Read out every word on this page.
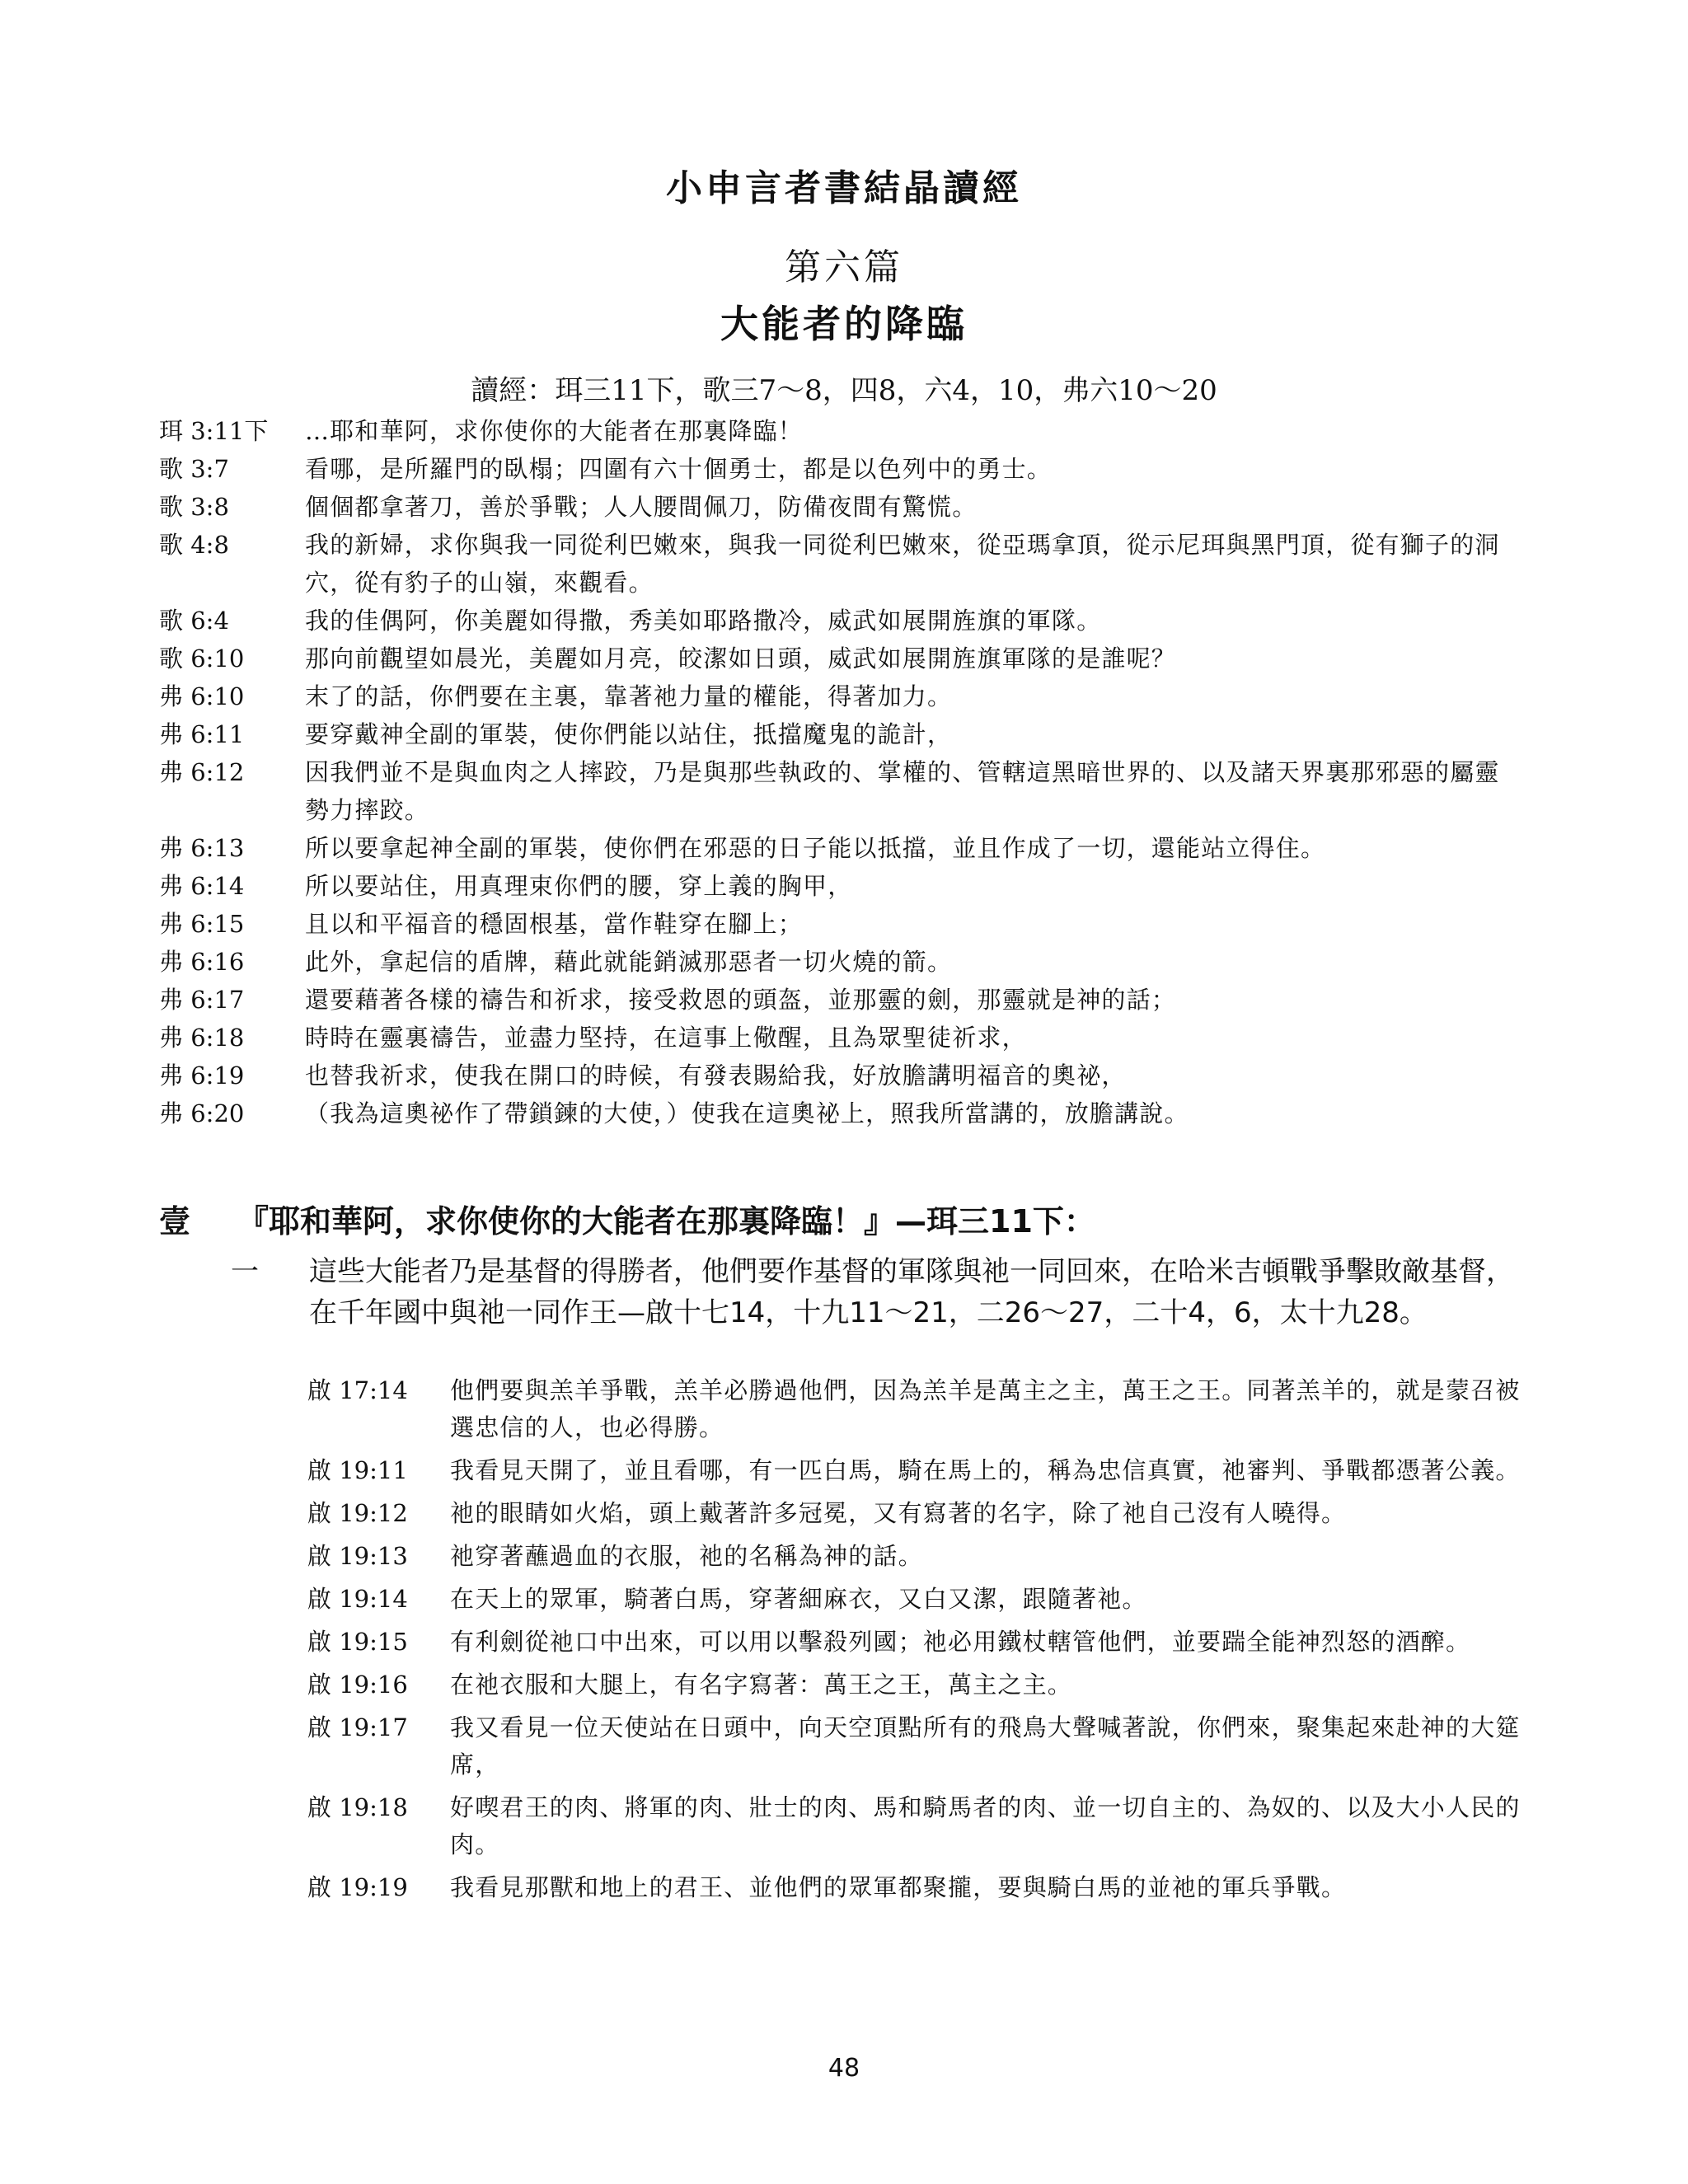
小申言者書結晶讀經
第六篇
大能者的降臨
讀經：珥三11下，歌三7～8，四8，六4，10，弗六10～20
珥 3:11下	…耶和華阿，求你使你的大能者在那裏降臨！
歌 3:7	看哪，是所羅門的臥榻；四圍有六十個勇士，都是以色列中的勇士。
歌 3:8	個個都拿著刀，善於爭戰；人人腰間佩刀，防備夜間有驚慌。
歌 4:8	我的新婦，求你與我一同從利巴嫩來，與我一同從利巴嫩來，從亞瑪拿頂，從示尼珥與黑門頂，從有獅子的洞穴，從有豹子的山嶺，來觀看。
歌 6:4	我的佳偶阿，你美麗如得撒，秀美如耶路撒冷，威武如展開旌旗的軍隊。
歌 6:10	那向前觀望如晨光，美麗如月亮，皎潔如日頭，威武如展開旌旗軍隊的是誰呢？
弗 6:10	末了的話，你們要在主裏，靠著祂力量的權能，得著加力。
弗 6:11	要穿戴神全副的軍裝，使你們能以站住，抵擋魔鬼的詭計，
弗 6:12	因我們並不是與血肉之人摔跤，乃是與那些執政的、掌權的、管轄這黑暗世界的、以及諸天界裏那邪惡的屬靈勢力摔跤。
弗 6:13	所以要拿起神全副的軍裝，使你們在邪惡的日子能以抵擋，並且作成了一切，還能站立得住。
弗 6:14	所以要站住，用真理束你們的腰，穿上義的胸甲，
弗 6:15	且以和平福音的穩固根基，當作鞋穿在腳上；
弗 6:16	此外，拿起信的盾牌，藉此就能銷滅那惡者一切火燒的箭。
弗 6:17	還要藉著各樣的禱告和祈求，接受救恩的頭盔，並那靈的劍，那靈就是神的話；
弗 6:18	時時在靈裏禱告，並盡力堅持，在這事上儆醒，且為眾聖徒祈求，
弗 6:19	也替我祈求，使我在開口的時候，有發表賜給我，好放膽講明福音的奧祕，
弗 6:20	（我為這奧祕作了帶鎖鍊的大使，）使我在這奧祕上，照我所當講的，放膽講說。
壹	『耶和華阿，求你使你的大能者在那裏降臨！』—珥三11下：
一	這些大能者乃是基督的得勝者，他們要作基督的軍隊與祂一同回來，在哈米吉頓戰爭擊敗敵基督，在千年國中與祂一同作王—啟十七14，十九11～21，二26～27，二十4，6，太十九28。
啟 17:14	他們要與羔羊爭戰，羔羊必勝過他們，因為羔羊是萬主之主，萬王之王。同著羔羊的，就是蒙召被選忠信的人，也必得勝。
啟 19:11	我看見天開了，並且看哪，有一匹白馬，騎在馬上的，稱為忠信真實，祂審判、爭戰都憑著公義。
啟 19:12	祂的眼睛如火焰，頭上戴著許多冠冕，又有寫著的名字，除了祂自己沒有人曉得。
啟 19:13	祂穿著蘸過血的衣服，祂的名稱為神的話。
啟 19:14	在天上的眾軍，騎著白馬，穿著細麻衣，又白又潔，跟隨著祂。
啟 19:15	有利劍從祂口中出來，可以用以擊殺列國；祂必用鐵杖轄管他們，並要踹全能神烈怒的酒醡。
啟 19:16	在祂衣服和大腿上，有名字寫著：萬王之王，萬主之主。
啟 19:17	我又看見一位天使站在日頭中，向天空頂點所有的飛鳥大聲喊著說，你們來，聚集起來赴神的大筵席，
啟 19:18	好喫君王的肉、將軍的肉、壯士的肉、馬和騎馬者的肉、並一切自主的、為奴的、以及大小人民的肉。
啟 19:19	我看見那獸和地上的君王、並他們的眾軍都聚攏，要與騎白馬的並祂的軍兵爭戰。
48
